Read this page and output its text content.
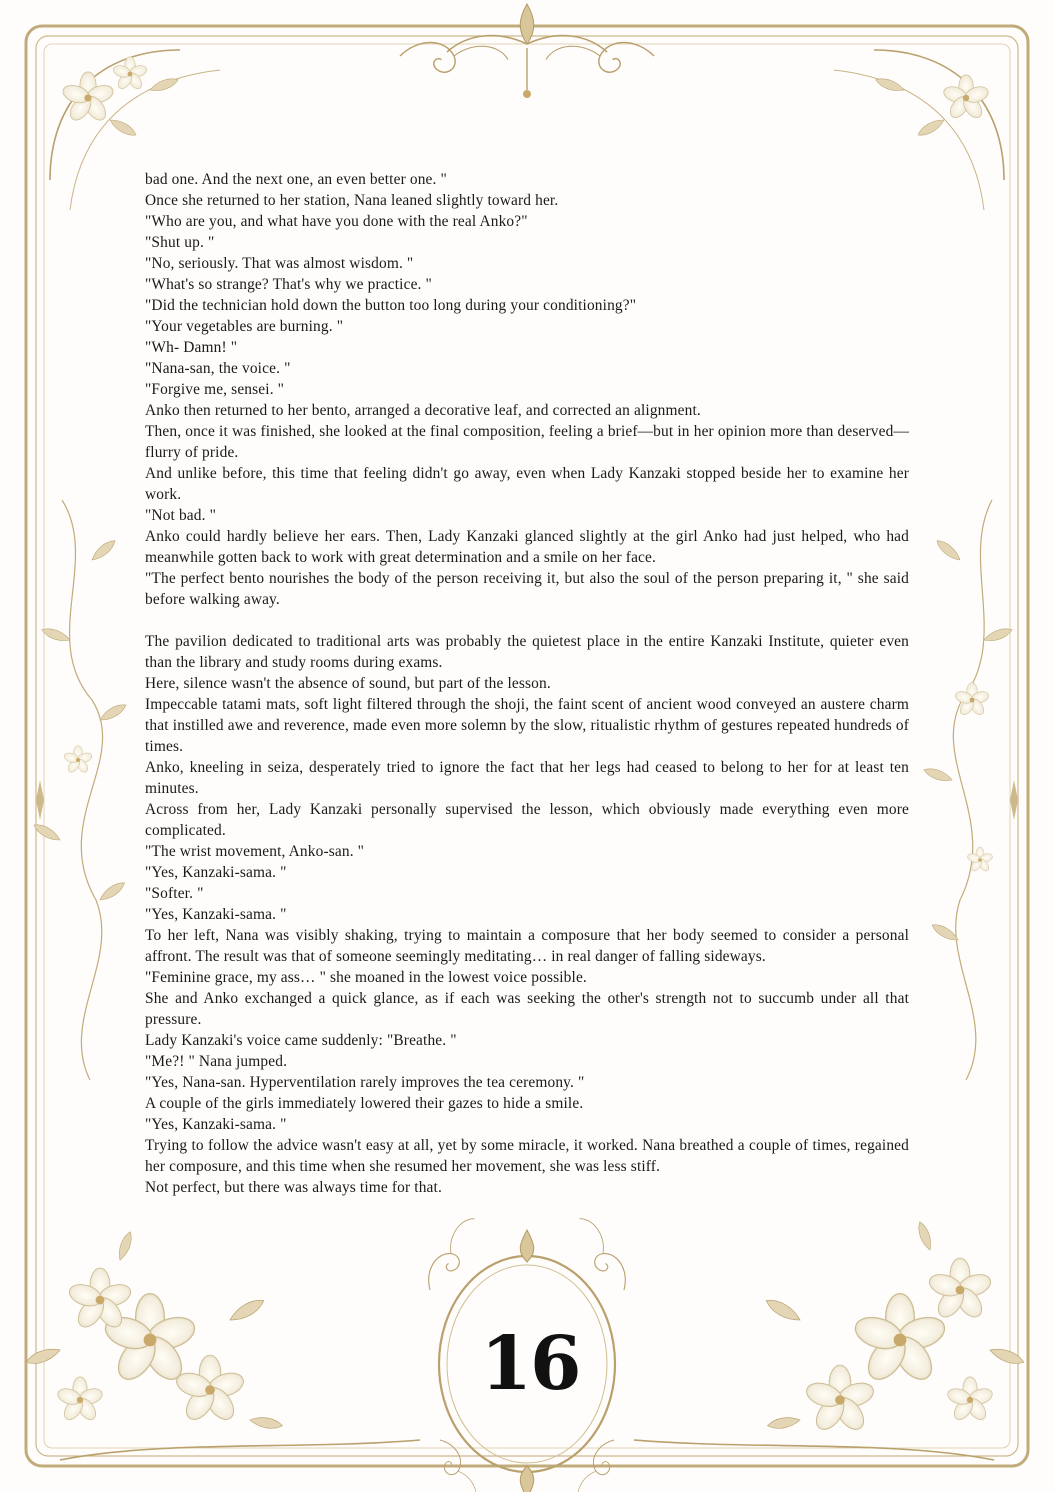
bad one. And the next one, an even better one. "

Once she returned to her station, Nana leaned slightly toward her.

"Who are you, and what have you done with the real Anko?"

"Shut up. "

"No, seriously. That was almost wisdom. "

"What's so strange? That's why we practice. "

"Did the technician hold down the button too long during your conditioning?"

"Your vegetables are burning. "

"Wh- Damn! "

"Nana-san, the voice. "

"Forgive me, sensei. "

Anko then returned to her bento, arranged a decorative leaf, and corrected an alignment.

Then, once it was finished, she looked at the final composition, feeling a brief—but in her opinion more than deserved—flurry of pride.

And unlike before, this time that feeling didn't go away, even when Lady Kanzaki stopped beside her to examine her work.

"Not bad. "

Anko could hardly believe her ears. Then, Lady Kanzaki glanced slightly at the girl Anko had just helped, who had meanwhile gotten back to work with great determination and a smile on her face.

"The perfect bento nourishes the body of the person receiving it, but also the soul of the person preparing it, " she said before walking away.

The pavilion dedicated to traditional arts was probably the quietest place in the entire Kanzaki Institute, quieter even than the library and study rooms during exams.

Here, silence wasn't the absence of sound, but part of the lesson.

Impeccable tatami mats, soft light filtered through the shoji, the faint scent of ancient wood conveyed an austere charm that instilled awe and reverence, made even more solemn by the slow, ritualistic rhythm of gestures repeated hundreds of times.

Anko, kneeling in seiza, desperately tried to ignore the fact that her legs had ceased to belong to her for at least ten minutes.

Across from her, Lady Kanzaki personally supervised the lesson, which obviously made everything even more complicated.

"The wrist movement, Anko-san. "

"Yes, Kanzaki-sama. "

"Softer. "

"Yes, Kanzaki-sama. "

To her left, Nana was visibly shaking, trying to maintain a composure that her body seemed to consider a personal affront. The result was that of someone seemingly meditating… in real danger of falling sideways.

"Feminine grace, my ass… " she moaned in the lowest voice possible.

She and Anko exchanged a quick glance, as if each was seeking the other's strength not to succumb under all that pressure.

Lady Kanzaki's voice came suddenly: "Breathe. "

"Me?! " Nana jumped.

"Yes, Nana-san. Hyperventilation rarely improves the tea ceremony. "

A couple of the girls immediately lowered their gazes to hide a smile.

"Yes, Kanzaki-sama. "

Trying to follow the advice wasn't easy at all, yet by some miracle, it worked. Nana breathed a couple of times, regained her composure, and this time when she resumed her movement, she was less stiff.

Not perfect, but there was always time for that.

16
